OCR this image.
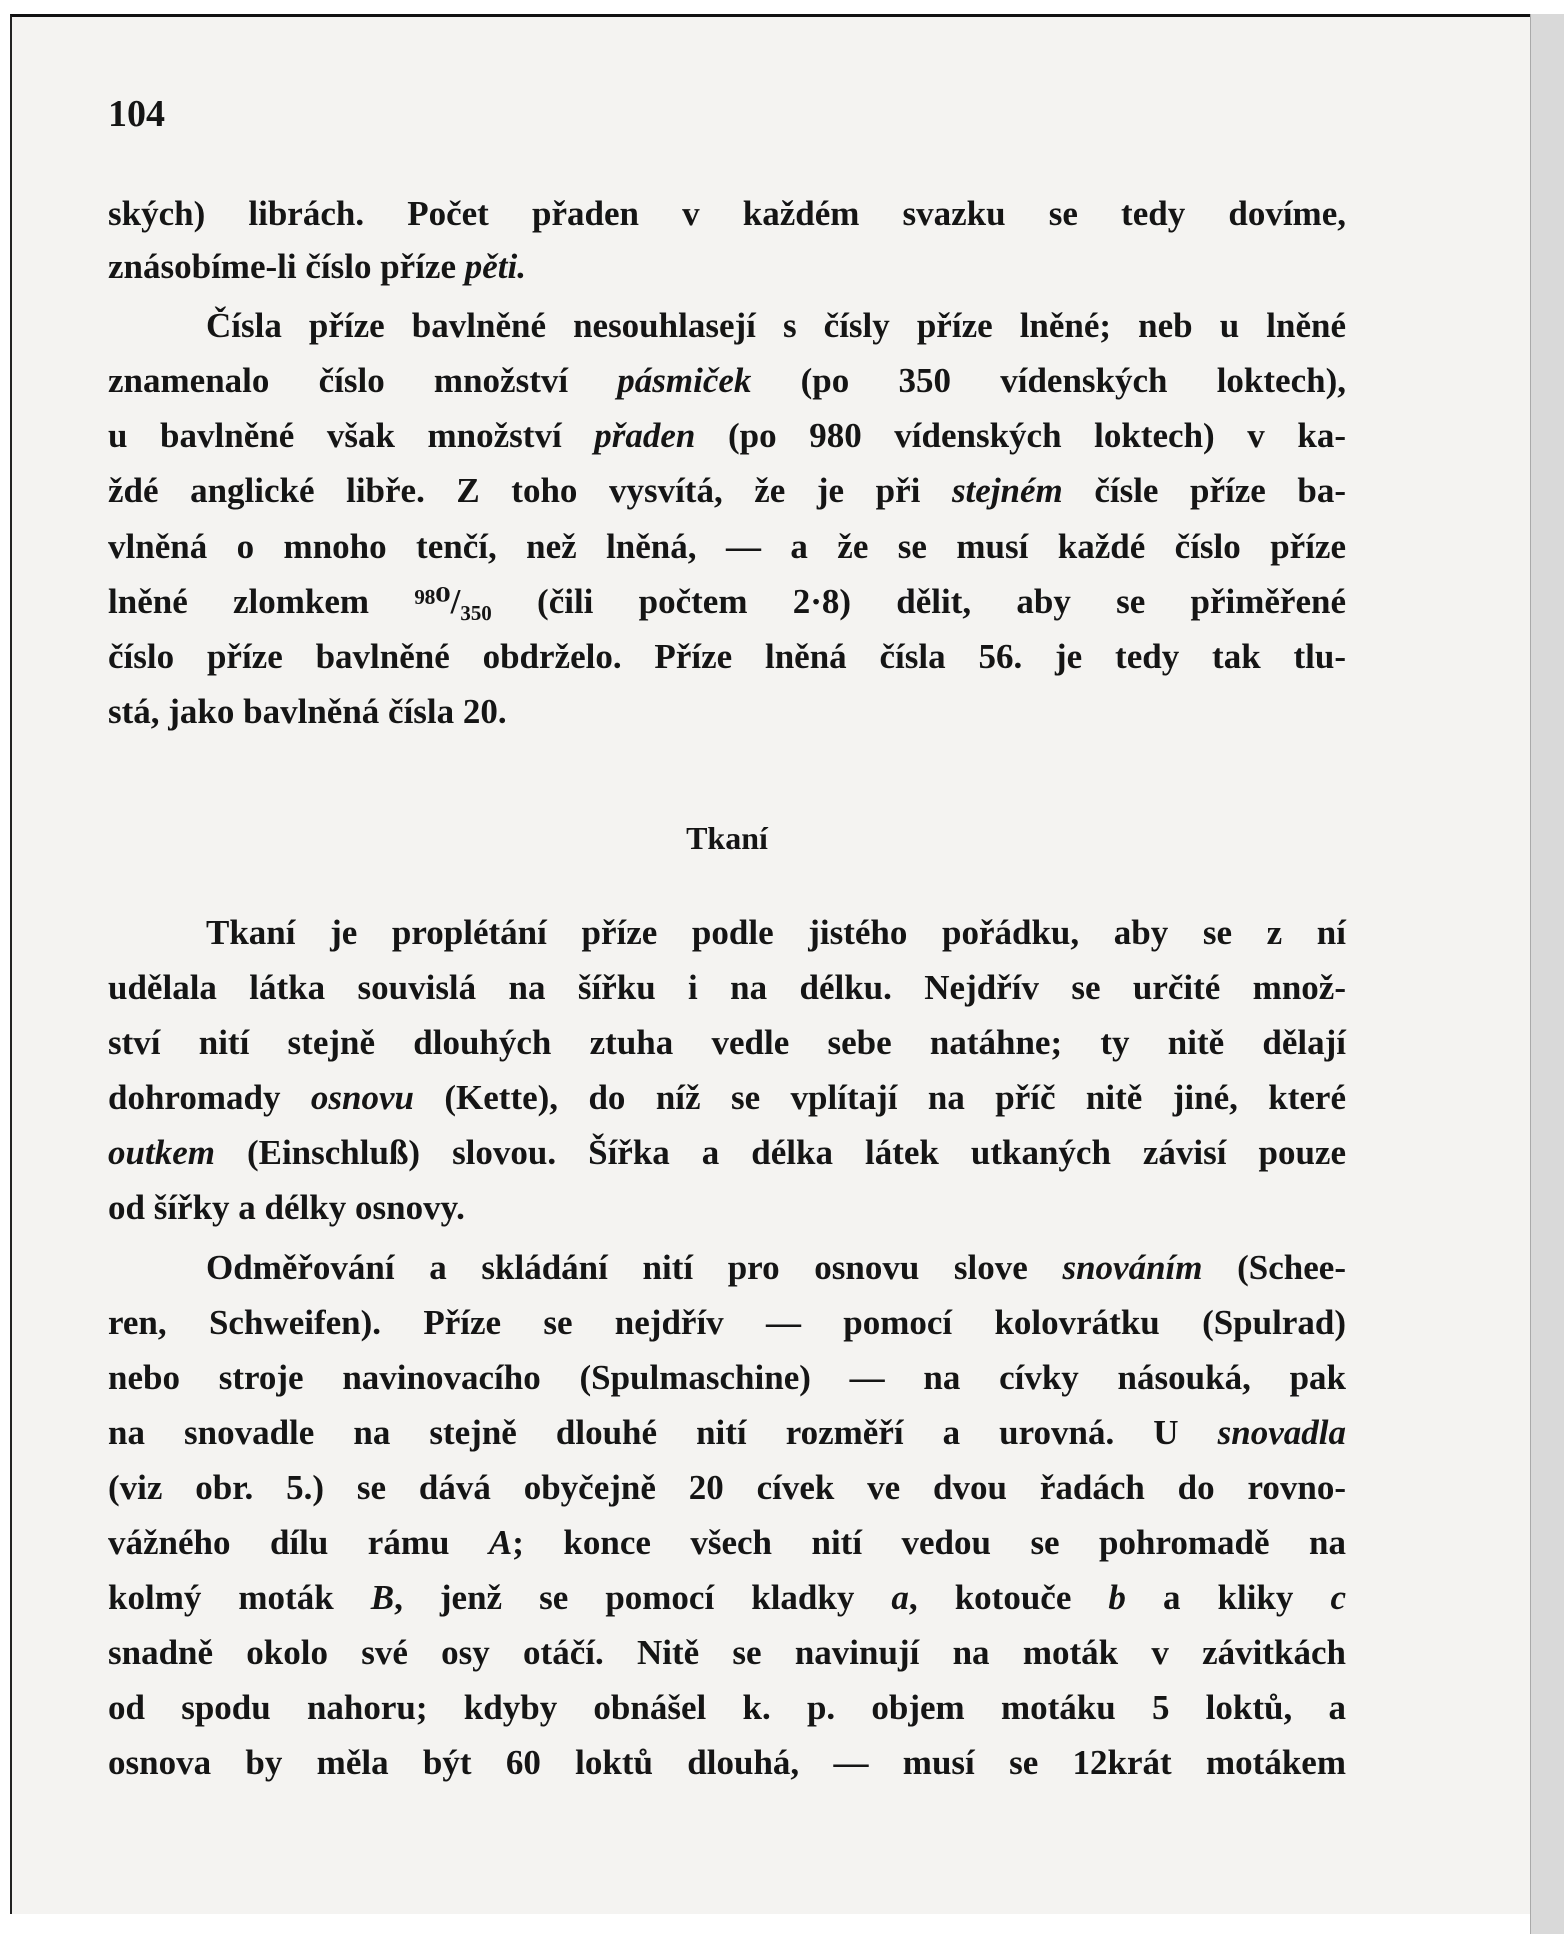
104

ských) librách. Počet přaden v každém svazku se tedy dovíme,

znásobíme-li číslo příze pěti.

Čísla příze bavlněné nesouhlasejí s čísly příze lněné; neb u lněné

znamenalo číslo množství pásmiček (po 350 vídenských loktech),

u bavlněné však množství přaden (po 980 vídenských loktech) v ka-

ždé anglické libře. Z toho vysvítá, že je při stejném čísle příze ba-

vlněná o mnoho tenčí, než lněná, — a že se musí každé číslo příze

lněné zlomkem ⁹⁸⁰/₃₅₀ (čili počtem 2·8) dělit, aby se přiměřené

číslo příze bavlněné obdrželo. Příze lněná čísla 56. je tedy tak tlu-

stá, jako bavlněná čísla 20.

Tkaní

Tkaní je proplétání příze podle jistého pořádku, aby se z ní

udělala látka souvislá na šířku i na délku. Nejdřív se určité množ-

ství nití stejně dlouhých ztuha vedle sebe natáhne; ty nitě dělají

dohromady osnovu (Kette), do níž se vplítají na příč nitě jiné, které

outkem (Einschluß) slovou. Šířka a délka látek utkaných závisí pouze

od šířky a délky osnovy.

Odměřování a skládání nití pro osnovu slove snováním (Schee-

ren, Schweifen). Příze se nejdřív — pomocí kolovrátku (Spulrad)

nebo stroje navinovacího (Spulmaschine) — na cívky násouká, pak

na snovadle na stejně dlouhé nití rozměří a urovná. U snovadla

(viz obr. 5.) se dává obyčejně 20 cívek ve dvou řadách do rovno-

vážného dílu rámu A; konce všech nití vedou se pohromadě na

kolmý moták B, jenž se pomocí kladky a, kotouče b a kliky c

snadně okolo své osy otáčí. Nitě se navinují na moták v závitkách

od spodu nahoru; kdyby obnášel k. p. objem motáku 5 loktů, a

osnova by měla být 60 loktů dlouhá, — musí se 12krát motákem
